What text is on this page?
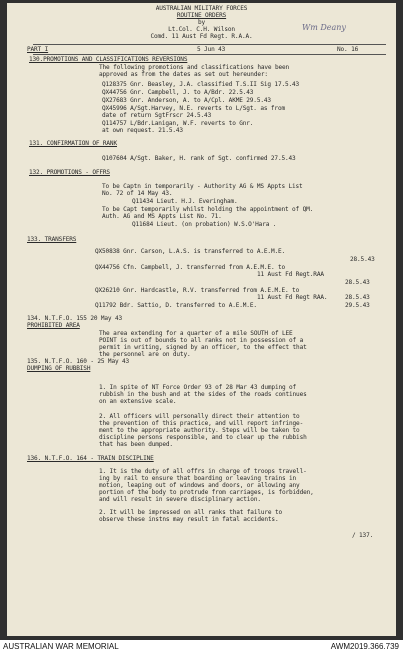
AUSTRALIAN MILITARY FORCES
ROUTINE ORDERS
by
Lt.Col. C.H. Wilson
Comd. 11 Aust Fd Regt. R.A.A.
Wm Deany
PART I	5 Jun 43	No. 16
130.PROMOTIONS AND CLASSIFICATIONS REVERSIONS
The following promotions and classifications have been
approved as from the dates as set out hereunder:
Q128375 Gnr. Beasley, J.A. classified T.S.II Sig 17.5.43
QX44756 Gnr. Campbell, J. to A/Bdr. 22.5.43
QX27683 Gnr. Anderson, A. to A/Cpl. AKME 29.5.43
QX45996 A/Sgt.Harvey, N.E. reverts to L/Sgt. as from
date of return SgtFrscr 24.5.43
Q114757 L/Bdr.Lanigan, W.F. reverts to Gnr.
at own request. 21.5.43
131. CONFIRMATION OF RANK
Q107604 A/Sgt. Baker, H. rank of Sgt. confirmed 27.5.43
132. PROMOTIONS - OFFRS
To be Captn in temporarily - Authority AG & MS Appts List
No. 72 of 14 May 43.
Q11434 Lieut. H.J. Everingham.
To be Capt temporarily whilst holding the appointment of QM.
Auth. AG and MS Appts List No. 71.
Q11684 Lieut. (on probation) W.S.O'Hara .
133. TRANSFERS
QX50838 Gnr. Carson, L.A.S. is transferred to A.E.M.E.
28.5.43
QX44756 Cfn. Campbell, J. transferred from A.E.M.E. to
11 Aust Fd Regt.RAA
28.5.43
QX26210 Gnr. Hardcastle, R.V. transferred from A.E.M.E. to
11 Aust Fd Regt RAA.	28.5.43
Q11792 Bdr. Sattio, D. transferred to A.E.M.E.	29.5.43
134. N.T.F.O. 155 20 May 43
PROHIBITED AREA
The area extending for a quarter of a mile SOUTH of LEE
POINT is out of bounds to all ranks not in possession of a
permit in writing, signed by an officer, to the effect that
the personnel are on duty.
135. N.T.F.O. 160 - 25 May 43
DUMPING OF RUBBISH
1. In spite of NT Force Order 93 of 28 Mar 43 dumping of
rubbish in the bush and at the sides of the roads continues
on an extensive scale.
2. All officers will personally direct their attention to
the prevention of this practice, and will report infringe-
ment to the appropriate authority. Steps will be taken to
discipline persons responsible, and to clear up the rubbish
that has been dumped.
136. N.T.F.O. 164 - TRAIN DISCIPLINE
1. It is the duty of all offrs in charge of troops travell-
ing by rail to ensure that boarding or leaving trains in
motion, leaping out of windows and doors, or allowing any
portion of the body to protrude from carriages, is forbidden,
and will result in severe disciplinary action.
2. It will be impressed on all ranks that failure to
observe these instns may result in fatal accidents.
/ 137.
AUSTRALIAN WAR MEMORIAL	AWM2019.366.739
